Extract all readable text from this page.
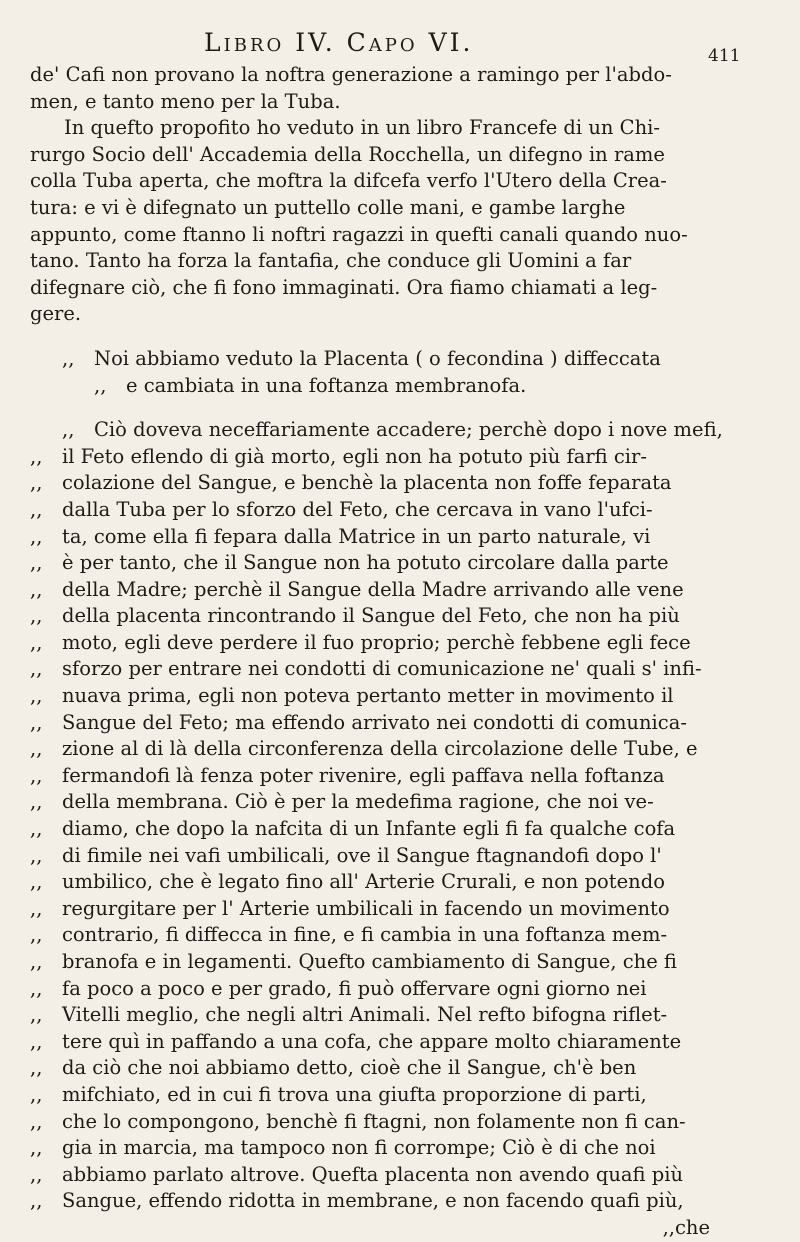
Libro IV. Capo VI.	411
de' Cafi non provano la noftra generazione a ramingo per l'abdo-
men, e tanto meno per la Tuba.
In quefto propofito ho veduto in un libro Francefe di un Chi-
rurgo Socio dell' Accademia della Rocchella, un difegno in rame
colla Tuba aperta, che moftra la difcefa verfo l'Utero della Crea-
tura: e vi è difegnato un puttello colle mani, e gambe larghe
appunto, come ftanno li noftri ragazzi in quefti canali quando nuo-
tano. Tanto ha forza la fantafia, che conduce gli Uomini a far
difegnare ciò, che fi fono immaginati. Ora fiamo chiamati a leg-
gere.
,, Noi abbiamo veduto la Placenta ( o fecondina ) diffeccata
,, e cambiata in una foftanza membranofa.
,, Ciò doveva neceffariamente accadere; perchè dopo i nove mefi,
,, il Feto eflendo di già morto, egli non ha potuto più farfi cir-
,, colazione del Sangue, e benchè la placenta non foffe feparata
,, dalla Tuba per lo sforzo del Feto, che cercava in vano l'ufci-
,, ta, come ella fi fepara dalla Matrice in un parto naturale, vi
,, è per tanto, che il Sangue non ha potuto circolare dalla parte
,, della Madre; perchè il Sangue della Madre arrivando alle vene
,, della placenta rincontrando il Sangue del Feto, che non ha più
,, moto, egli deve perdere il fuo proprio; perchè febbene egli fece
,, sforzo per entrare nei condotti di comunicazione ne' quali s' infi-
,, nuava prima, egli non poteva pertanto metter in movimento il
,, Sangue del Feto; ma effendo arrivato nei condotti di comunica-
,, zione al di là della circonferenza della circolazione delle Tube, e
,, fermandofi là fenza poter rivenire, egli paffava nella foftanza
,, della membrana. Ciò è per la medefima ragione, che noi ve-
,, diamo, che dopo la nafcita di un Infante egli fi fa qualche cofa
,, di fimile nei vafi umbilicali, ove il Sangue ftagnandofi dopo l'
,, umbilico, che è legato fino all' Arterie Crurali, e non potendo
,, regurgitare per l' Arterie umbilicali in facendo un movimento
,, contrario, fi diffecca in fine, e fi cambia in una foftanza mem-
,, branofa e in legamenti. Quefto cambiamento di Sangue, che fi
,, fa poco a poco e per grado, fi può offervare ogni giorno nei
,, Vitelli meglio, che negli altri Animali. Nel refto bifogna riflet-
,, tere quì in paffando a una cofa, che appare molto chiaramente
,, da ciò che noi abbiamo detto, cioè che il Sangue, ch'è ben
,, mifchiato, ed in cui fi trova una giufta proporzione di parti,
,, che lo compongono, benchè fi ftagni, non folamente non fi can-
,, gia in marcia, ma tampoco non fi corrompe; Ciò è di che noi
,, abbiamo parlato altrove. Quefta placenta non avendo quafi più
,, Sangue, effendo ridotta in membrane, e non facendo quafi più,
,,che
